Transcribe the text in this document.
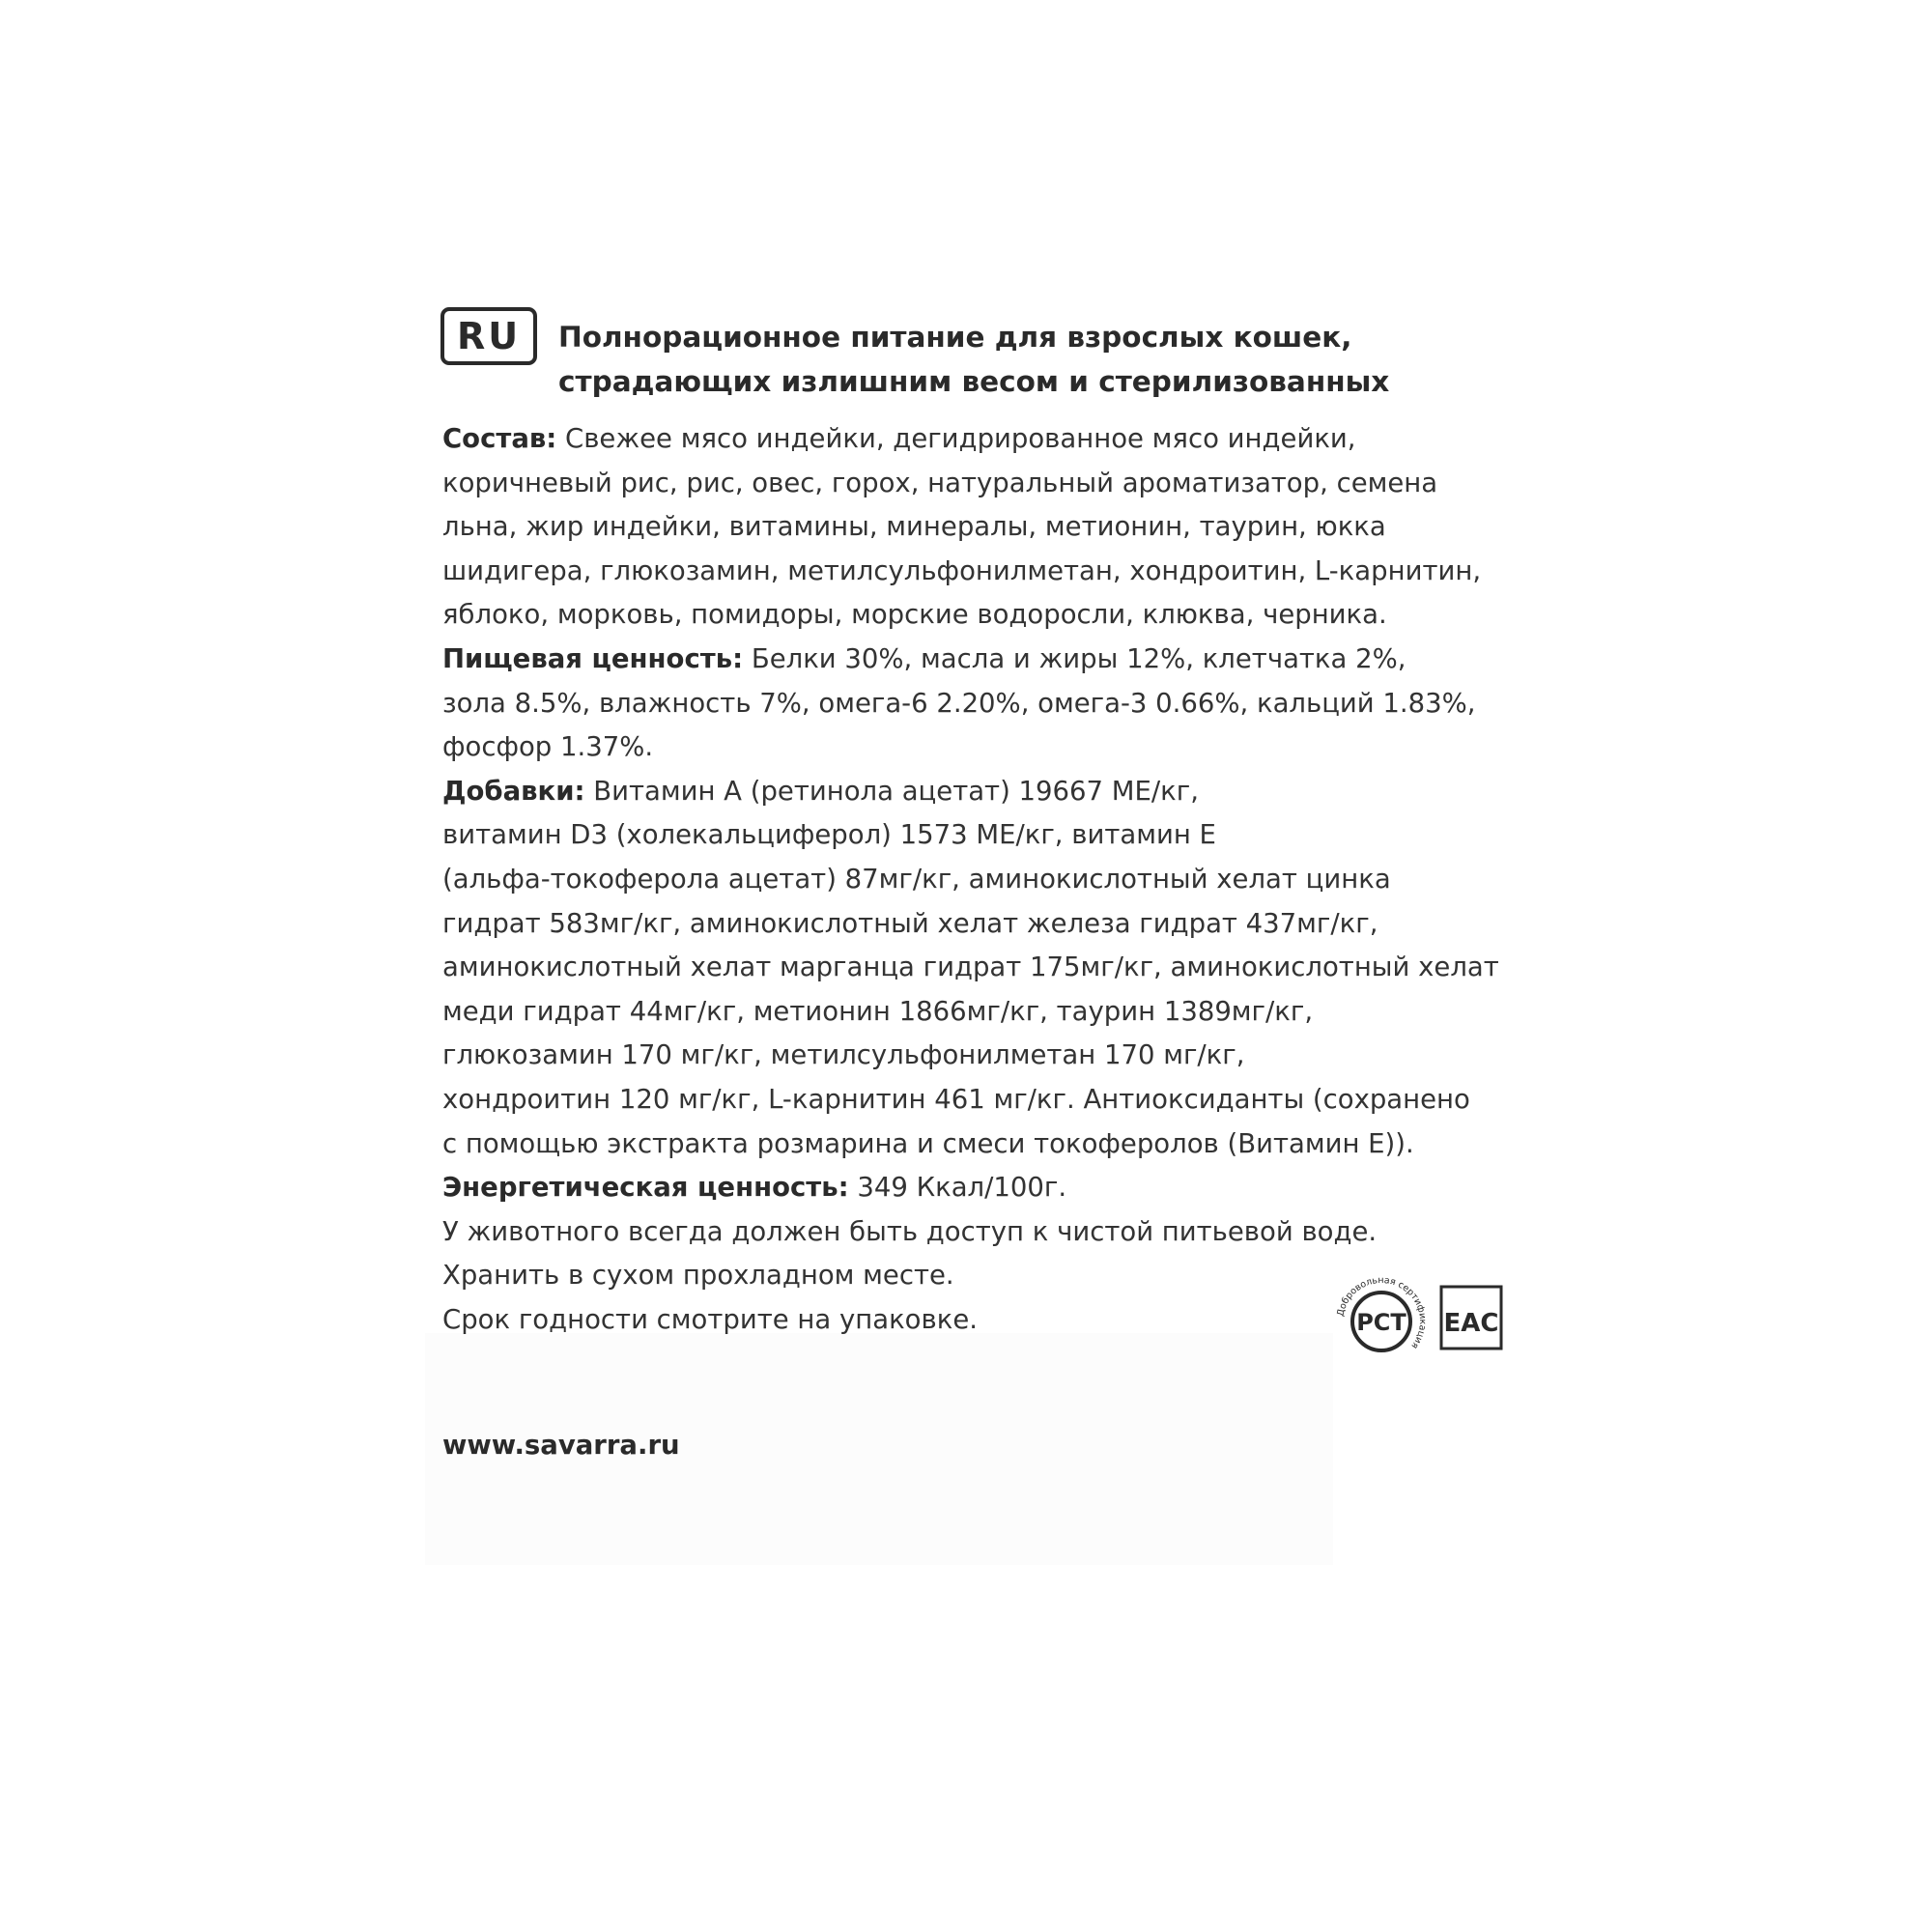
RU	Полнорационное питание для взрослых кошек,
страдающих излишним весом и стерилизованных
Состав: Свежее мясо индейки, дегидрированное мясо индейки,
коричневый рис, рис, овес, горох, натуральный ароматизатор, семена
льна, жир индейки, витамины, минералы, метионин, таурин, юкка
шидигера, глюкозамин, метилсульфонилметан, хондроитин, L-карнитин,
яблоко, морковь, помидоры, морские водоросли, клюква, черника.
Пищевая ценность: Белки 30%, масла и жиры 12%, клетчатка 2%,
зола 8.5%, влажность 7%, омега-6 2.20%, омега-3 0.66%, кальций 1.83%,
фосфор 1.37%.
Добавки: Витамин А (ретинола ацетат) 19667 МЕ/кг,
витамин D3 (холекальциферол) 1573 МЕ/кг, витамин Е
(альфа-токоферола ацетат) 87мг/кг, аминокислотный хелат цинка
гидрат 583мг/кг, аминокислотный хелат железа гидрат 437мг/кг,
аминокислотный хелат марганца гидрат 175мг/кг, аминокислотный хелат
меди гидрат 44мг/кг, метионин 1866мг/кг, таурин 1389мг/кг,
глюкозамин 170 мг/кг, метилсульфонилметан 170 мг/кг,
хондроитин 120 мг/кг, L-карнитин 461 мг/кг. Антиоксиданты (сохранено
с помощью экстракта розмарина и смеси токоферолов (Витамин Е)).
Энергетическая ценность: 349 Ккал/100г.
У животного всегда должен быть доступ к чистой питьевой воде.
Хранить в сухом прохладном месте.
Срок годности смотрите на упаковке.	Добровольная сертификация
РСТ EAC
www.savarra.ru
